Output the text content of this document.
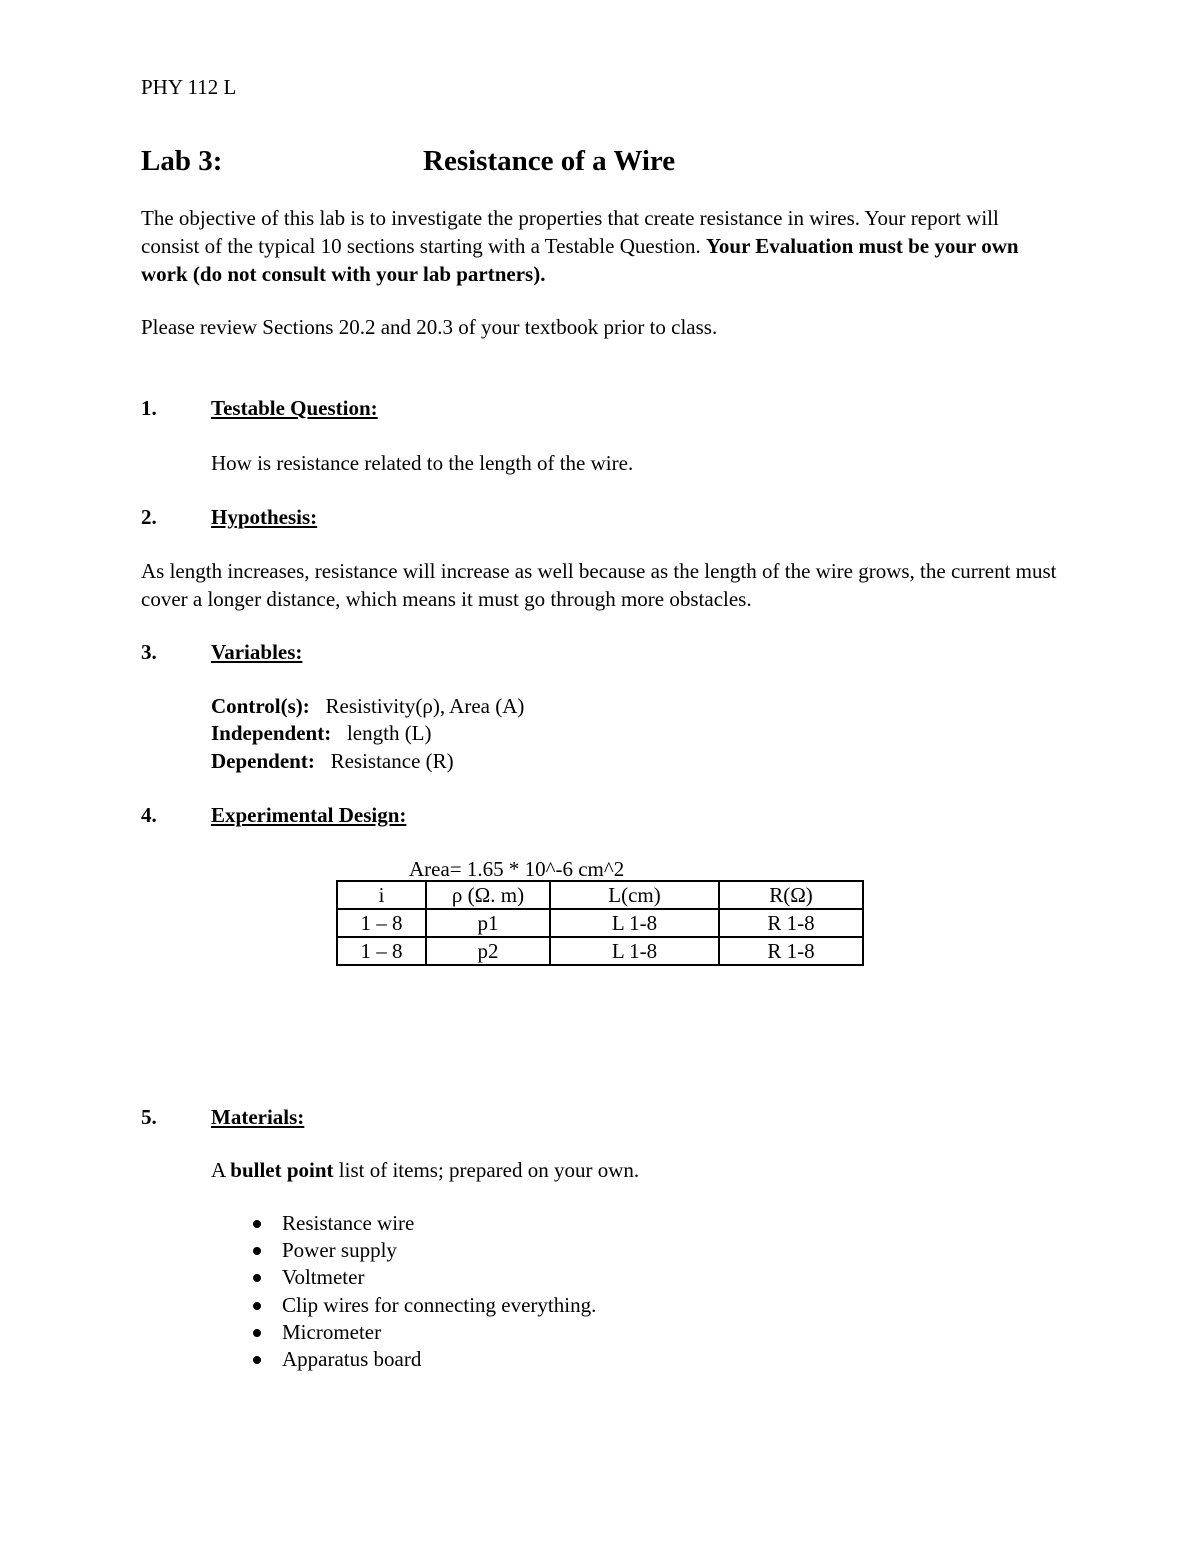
PHY 112 L
Lab 3:	Resistance of a Wire
The objective of this lab is to investigate the properties that create resistance in wires. Your report will consist of the typical 10 sections starting with a Testable Question. Your Evaluation must be your own work (do not consult with your lab partners).
Please review Sections 20.2 and 20.3 of your textbook prior to class.
1.	Testable Question:
How is resistance related to the length of the wire.
2.	Hypothesis:
As length increases, resistance will increase as well because as the length of the wire grows, the current must cover a longer distance, which means it must go through more obstacles.
3.	Variables:
Control(s): Resistivity(ρ), Area (A)
Independent: length (L)
Dependent: Resistance (R)
4.	Experimental Design:
Area= 1.65 * 10^-6 cm^2
i	ρ (Ω. m)	L(cm)	R(Ω)
1 – 8	p1	L 1-8	R 1-8
1 – 8	p2	L 1-8	R 1-8
5.	Materials:
A bullet point list of items; prepared on your own.
Resistance wire
Power supply
Voltmeter
Clip wires for connecting everything.
Micrometer
Apparatus board
